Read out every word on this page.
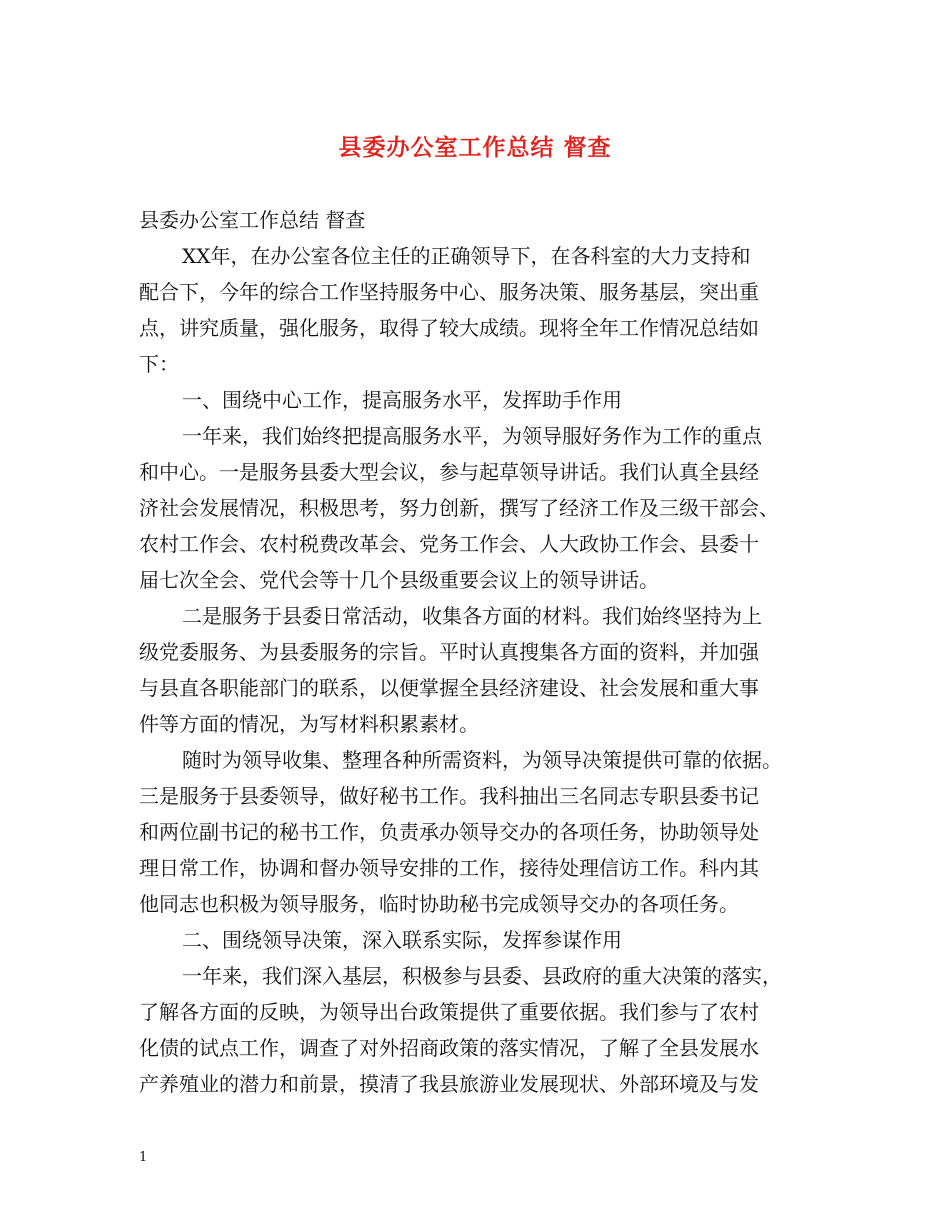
县委办公室工作总结 督查
县委办公室工作总结 督查
XX年，在办公室各位主任的正确领导下，在各科室的大力支持和
配合下，今年的综合工作坚持服务中心、服务决策、服务基层，突出重
点，讲究质量，强化服务，取得了较大成绩。现将全年工作情况总结如
下：
一、围绕中心工作，提高服务水平，发挥助手作用
一年来，我们始终把提高服务水平，为领导服好务作为工作的重点
和中心。一是服务县委大型会议，参与起草领导讲话。我们认真全县经
济社会发展情况，积极思考，努力创新，撰写了经济工作及三级干部会、
农村工作会、农村税费改革会、党务工作会、人大政协工作会、县委十
届七次全会、党代会等十几个县级重要会议上的领导讲话。
二是服务于县委日常活动，收集各方面的材料。我们始终坚持为上
级党委服务、为县委服务的宗旨。平时认真搜集各方面的资料，并加强
与县直各职能部门的联系，以便掌握全县经济建设、社会发展和重大事
件等方面的情况，为写材料积累素材。
随时为领导收集、整理各种所需资料，为领导决策提供可靠的依据。
三是服务于县委领导，做好秘书工作。我科抽出三名同志专职县委书记
和两位副书记的秘书工作，负责承办领导交办的各项任务，协助领导处
理日常工作，协调和督办领导安排的工作，接待处理信访工作。科内其
他同志也积极为领导服务，临时协助秘书完成领导交办的各项任务。
二、围绕领导决策，深入联系实际，发挥参谋作用
一年来，我们深入基层，积极参与县委、县政府的重大决策的落实，
了解各方面的反映，为领导出台政策提供了重要依据。我们参与了农村
化债的试点工作，调查了对外招商政策的落实情况，了解了全县发展水
产养殖业的潜力和前景，摸清了我县旅游业发展现状、外部环境及与发
1
